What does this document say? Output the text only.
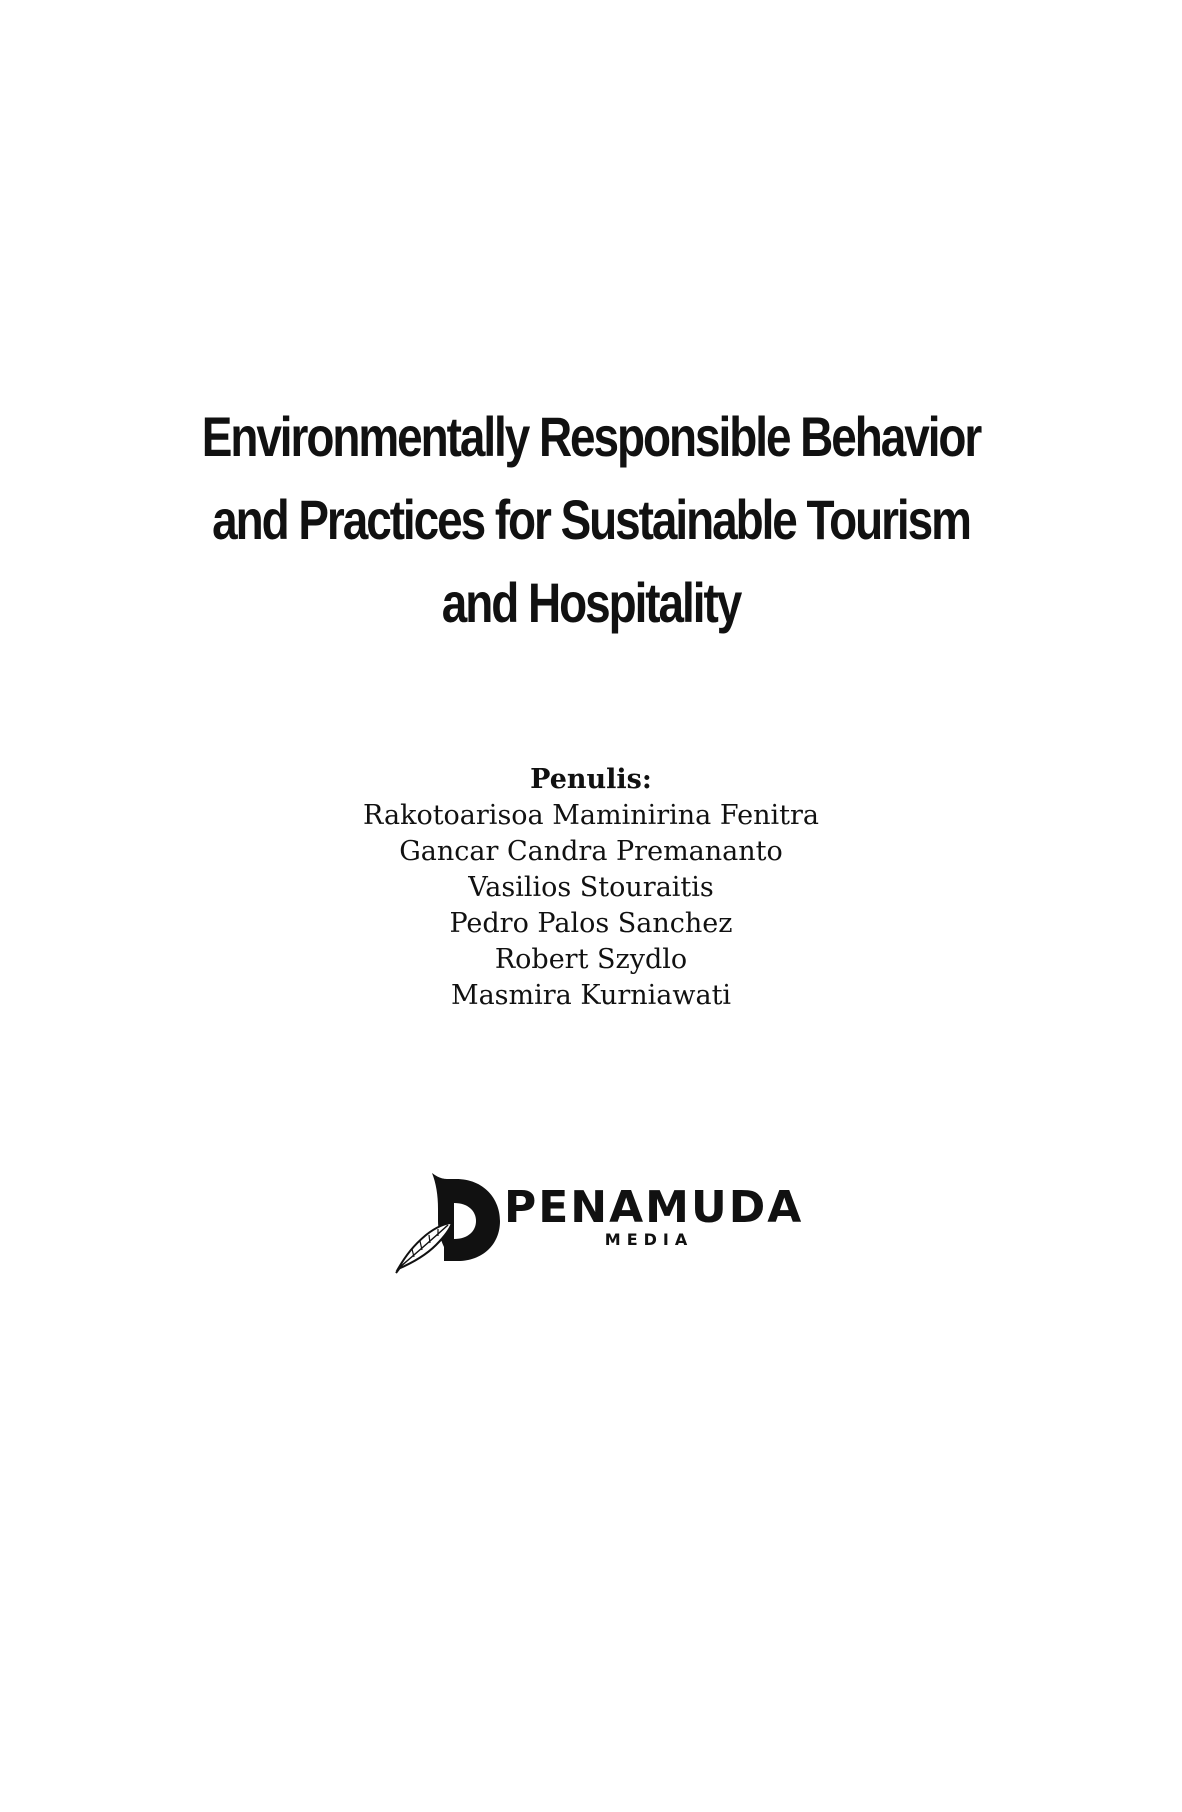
Environmentally Responsible Behavior
and Practices for Sustainable Tourism
and Hospitality
Penulis:
Rakotoarisoa Maminirina Fenitra
Gancar Candra Premananto
Vasilios Stouraitis
Pedro Palos Sanchez
Robert Szydlo
Masmira Kurniawati
PENAMUDA
MEDIA
